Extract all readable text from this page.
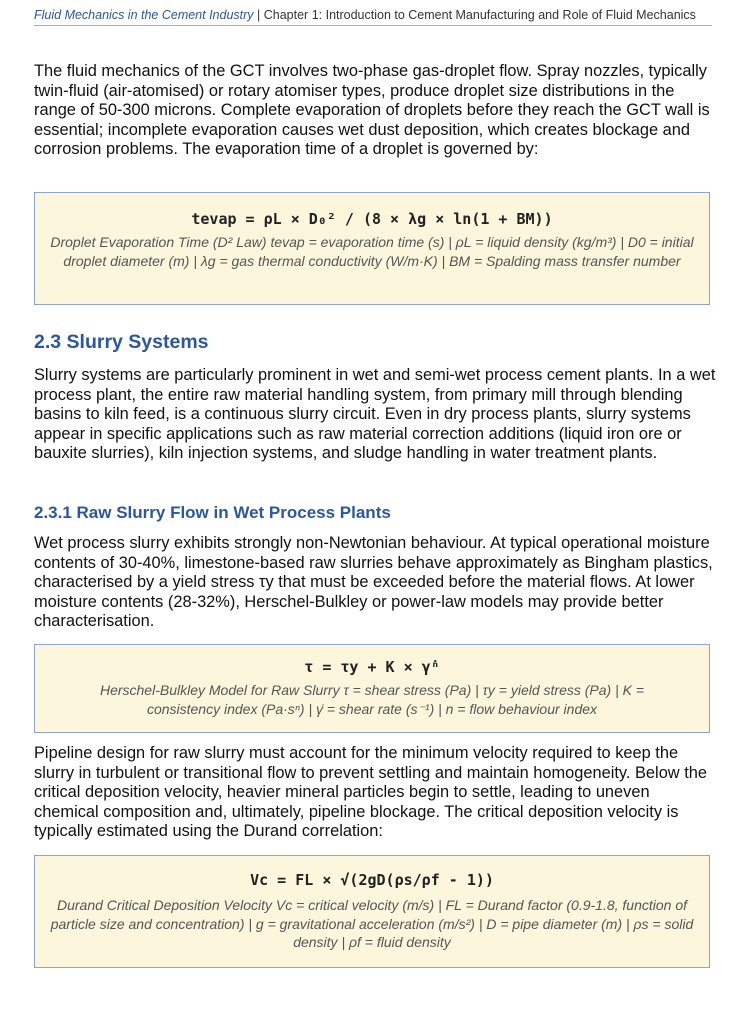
Fluid Mechanics in the Cement Industry | Chapter 1: Introduction to Cement Manufacturing and Role of Fluid Mechanics

The fluid mechanics of the GCT involves two-phase gas-droplet flow. Spray nozzles, typically twin-fluid (air-atomised) or rotary atomiser types, produce droplet size distributions in the range of 50-300 microns. Complete evaporation of droplets before they reach the GCT wall is essential; incomplete evaporation causes wet dust deposition, which creates blockage and corrosion problems. The evaporation time of a droplet is governed by:

tevap = ρL × D₀² / (8 × λg × ln(1 + BM))
Droplet Evaporation Time (D² Law) tevap = evaporation time (s) | ρL = liquid density (kg/m³) | D0 = initial droplet diameter (m) | λg = gas thermal conductivity (W/m·K) | BM = Spalding mass transfer number
2.3 Slurry Systems

Slurry systems are particularly prominent in wet and semi-wet process cement plants. In a wet process plant, the entire raw material handling system, from primary mill through blending basins to kiln feed, is a continuous slurry circuit. Even in dry process plants, slurry systems appear in specific applications such as raw material correction additions (liquid iron ore or bauxite slurries), kiln injection systems, and sludge handling in water treatment plants.

2.3.1 Raw Slurry Flow in Wet Process Plants

Wet process slurry exhibits strongly non-Newtonian behaviour. At typical operational moisture contents of 30-40%, limestone-based raw slurries behave approximately as Bingham plastics, characterised by a yield stress τy that must be exceeded before the material flows. At lower moisture contents (28-32%), Herschel-Bulkley or power-law models may provide better characterisation.

τ = τy + K × γ̇ⁿ
Herschel-Bulkley Model for Raw Slurry τ = shear stress (Pa) | τy = yield stress (Pa) | K = consistency index (Pa·sⁿ) | γ̇ = shear rate (s⁻¹) | n = flow behaviour index

Pipeline design for raw slurry must account for the minimum velocity required to keep the slurry in turbulent or transitional flow to prevent settling and maintain homogeneity. Below the critical deposition velocity, heavier mineral particles begin to settle, leading to uneven chemical composition and, ultimately, pipeline blockage. The critical deposition velocity is typically estimated using the Durand correlation:

Vc = FL × √(2gD(ρs/ρf - 1))
Durand Critical Deposition Velocity Vc = critical velocity (m/s) | FL = Durand factor (0.9-1.8, function of particle size and concentration) | g = gravitational acceleration (m/s²) | D = pipe diameter (m) | ρs = solid density | ρf = fluid density
